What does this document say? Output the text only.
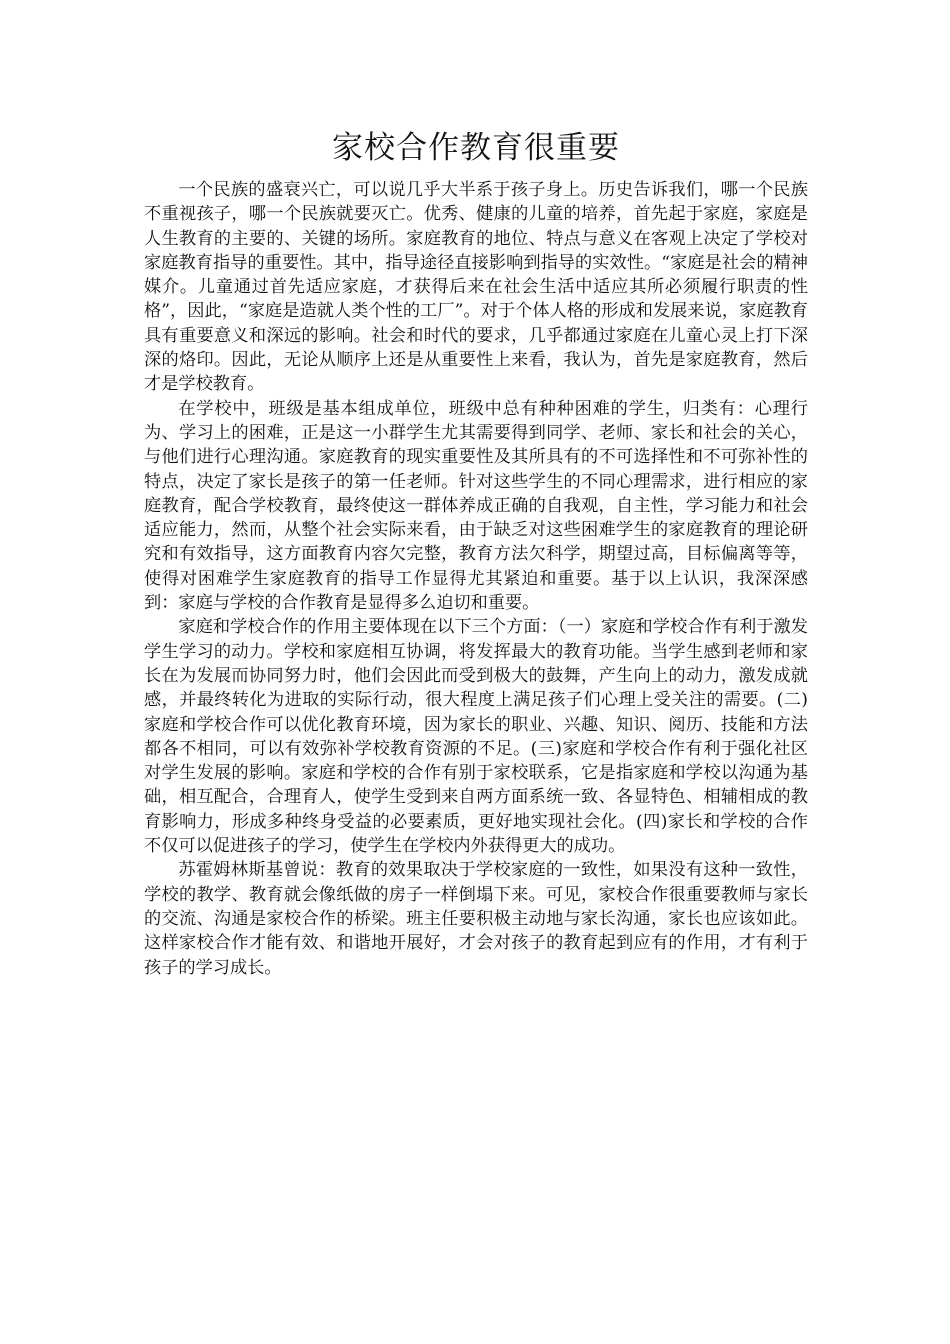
家校合作教育很重要

一个民族的盛衰兴亡，可以说几乎大半系于孩子身上。历史告诉我们，哪一个民族不重视孩子，哪一个民族就要灭亡。优秀、健康的儿童的培养，首先起于家庭，家庭是人生教育的主要的、关键的场所。家庭教育的地位、特点与意义在客观上决定了学校对家庭教育指导的重要性。其中，指导途径直接影响到指导的实效性。“家庭是社会的精神媒介。儿童通过首先适应家庭，才获得后来在社会生活中适应其所必须履行职责的性格”，因此，“家庭是造就人类个性的工厂”。对于个体人格的形成和发展来说，家庭教育具有重要意义和深远的影响。社会和时代的要求，几乎都通过家庭在儿童心灵上打下深深的烙印。因此，无论从顺序上还是从重要性上来看，我认为，首先是家庭教育，然后才是学校教育。

在学校中，班级是基本组成单位，班级中总有种种困难的学生，归类有：心理行为、学习上的困难，正是这一小群学生尤其需要得到同学、老师、家长和社会的关心，与他们进行心理沟通。家庭教育的现实重要性及其所具有的不可选择性和不可弥补性的特点，决定了家长是孩子的第一任老师。针对这些学生的不同心理需求，进行相应的家庭教育，配合学校教育，最终使这一群体养成正确的自我观，自主性，学习能力和社会适应能力，然而，从整个社会实际来看，由于缺乏对这些困难学生的家庭教育的理论研究和有效指导，这方面教育内容欠完整，教育方法欠科学，期望过高，目标偏离等等，使得对困难学生家庭教育的指导工作显得尤其紧迫和重要。基于以上认识，我深深感到：家庭与学校的合作教育是显得多么迫切和重要。

家庭和学校合作的作用主要体现在以下三个方面：（一）家庭和学校合作有利于激发学生学习的动力。学校和家庭相互协调，将发挥最大的教育功能。当学生感到老师和家长在为发展而协同努力时，他们会因此而受到极大的鼓舞，产生向上的动力，激发成就感，并最终转化为进取的实际行动，很大程度上满足孩子们心理上受关注的需要。(二)家庭和学校合作可以优化教育环境，因为家长的职业、兴趣、知识、阅历、技能和方法都各不相同，可以有效弥补学校教育资源的不足。(三)家庭和学校合作有利于强化社区对学生发展的影响。家庭和学校的合作有别于家校联系，它是指家庭和学校以沟通为基础，相互配合，合理育人，使学生受到来自两方面系统一致、各显特色、相辅相成的教育影响力，形成多种终身受益的必要素质，更好地实现社会化。(四)家长和学校的合作不仅可以促进孩子的学习，使学生在学校内外获得更大的成功。

苏霍姆林斯基曾说：教育的效果取决于学校家庭的一致性，如果没有这种一致性，学校的教学、教育就会像纸做的房子一样倒塌下来。可见，家校合作很重要教师与家长的交流、沟通是家校合作的桥梁。班主任要积极主动地与家长沟通，家长也应该如此。这样家校合作才能有效、和谐地开展好，才会对孩子的教育起到应有的作用，才有利于孩子的学习成长。
